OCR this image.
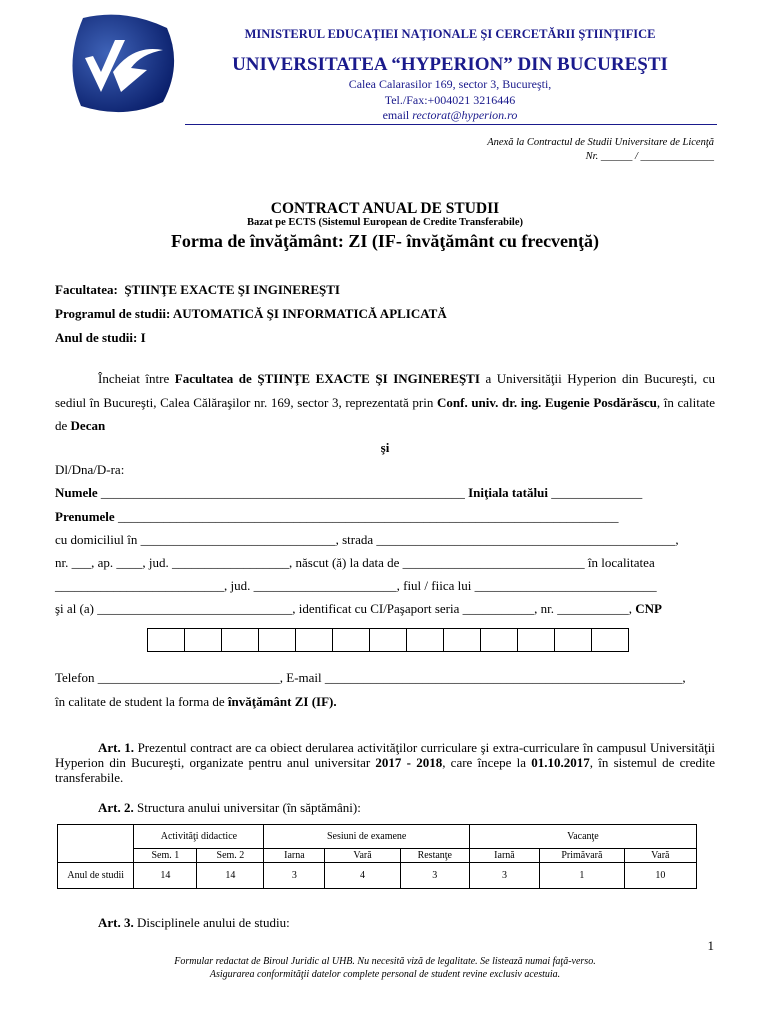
MINISTERUL EDUCAŢIEI NAŢIONALE ŞI CERCETĂRII ŞTIINŢIFICE
UNIVERSITATEA “HYPERION” DIN BUCUREŞTI
Calea Calarasilor 169, sector 3, Bucureşti,
Tel./Fax:+004021 3216446
email rectorat@hyperion.ro
Anexă la Contractul de Studii Universitare de Licenţă
Nr. ______ / ______________
CONTRACT ANUAL DE STUDII
Bazat pe ECTS (Sistemul European de Credite Transferabile)
Forma de învăţământ: ZI (IF- învăţământ cu frecvenţă)
Facultatea: ŞTIINŢE EXACTE ŞI INGINEREŞTI
Programul de studii: AUTOMATICĂ ŞI INFORMATICĂ APLICATĂ
Anul de studii: I
Încheiat între Facultatea de ŞTIINŢE EXACTE ŞI INGINEREŞTI a Universităţii Hyperion din Bucureşti, cu sediul în Bucureşti, Calea Călăraşilor nr. 169, sector 3, reprezentată prin Conf. univ. dr. ing. Eugenie Posdărăscu, în calitate de Decan
şi
Dl/Dna/D-ra:
Numele ________________________________________________________ Iniţiala tatălui ______________
Prenumele _____________________________________________________________________________
cu domiciliul în ______________________________, strada ______________________________________________,
nr. ___, ap. ____, jud. __________________, născut (ă) la data de ____________________________ în localitatea
__________________________, jud. ______________________, fiul / fiica lui ____________________________
şi al (a) ______________________________, identificat cu CI/Paşaport seria ___________, nr. ___________, CNP
Telefon ____________________________, E-mail _______________________________________________________,
în calitate de student la forma de învăţământ ZI (IF).
Art. 1. Prezentul contract are ca obiect derularea activităţilor curriculare şi extra-curriculare în campusul Universităţii Hyperion din Bucureşti, organizate pentru anul universitar 2017 - 2018, care începe la 01.10.2017, în sistemul de credite transferabile.
Art. 2. Structura anului universitar (în săptămâni):
	Activităţi didactice		Sesiuni de examene			Vacanţe		
	Sem. 1	Sem. 2	Iarna	Vară	Restanţe	Iarnă	Primăvară	Vară
Anul de studii	14	14	3	4	3	3	1	10
Art. 3. Disciplinele anului de studiu:
1
Formular redactat de Biroul Juridic al UHB. Nu necesită viză de legalitate. Se listează numai faţă-verso.
Asigurarea conformităţii datelor complete personal de student revine exclusiv acestuia.
